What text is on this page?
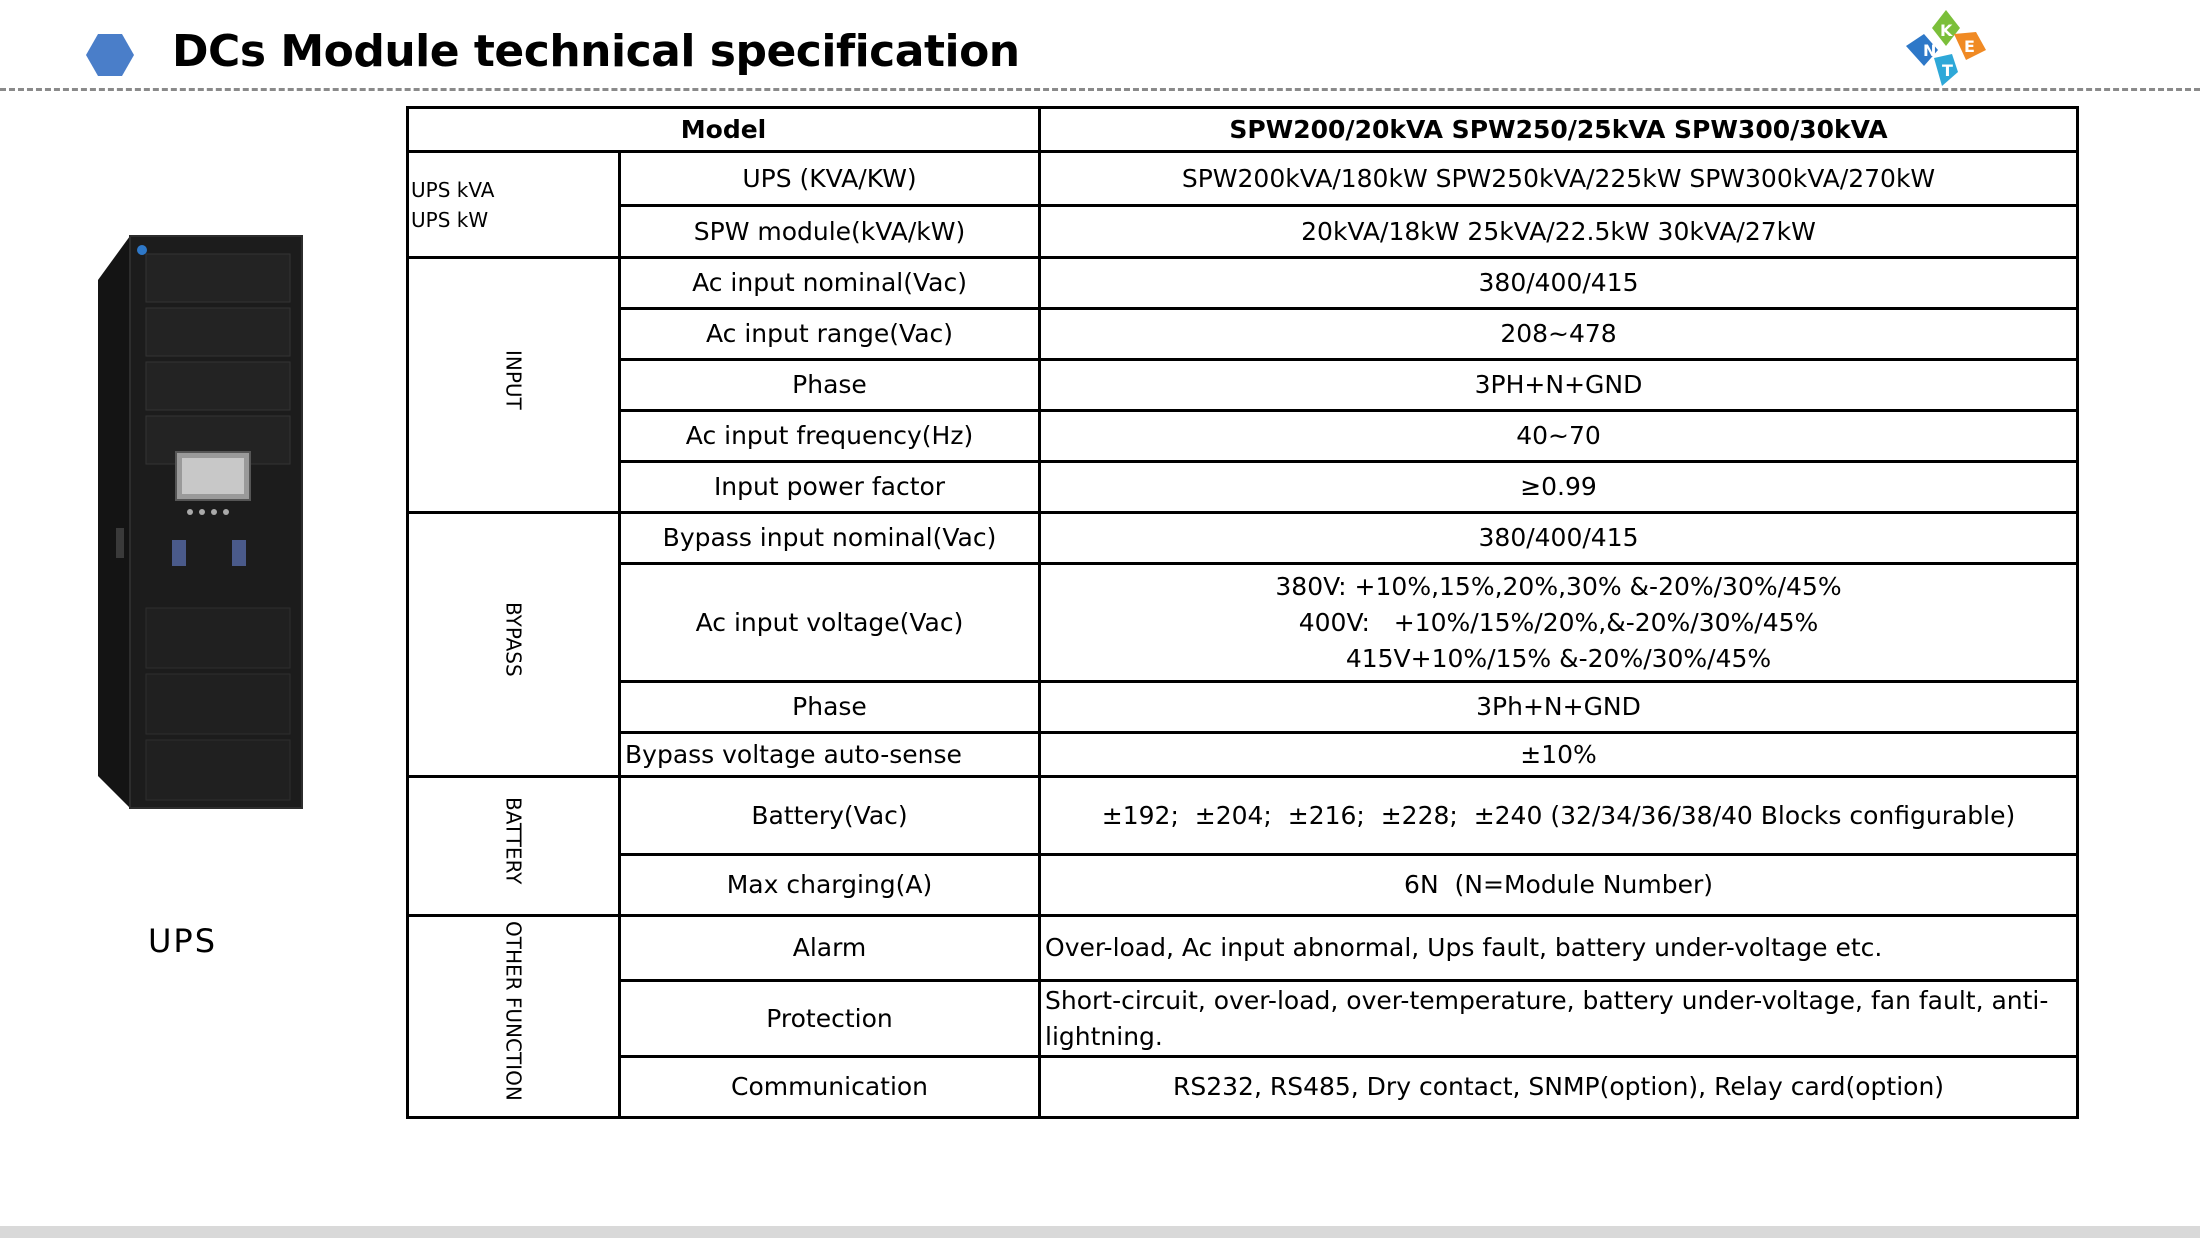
DCs Module technical specification	N
K
E
T
UPS
Model		SPW200/20kVA SPW250/25kVA SPW300/30kVA

UPS kVA
UPS kW	UPS (KVA/KW)	SPW200kVA/180kW SPW250kVA/225kW SPW300kVA/270kW
	SPW module(kVA/kW)	20kVA/18kW 25kVA/22.5kW 30kVA/27kW
INPUT	Ac input nominal(Vac)	380/400/415
	Ac input range(Vac)	208~478
	Phase	3PH+N+GND
	Ac input frequency(Hz)	40~70
	Input power factor	≥0.99
BYPASS	Bypass input nominal(Vac)	380/400/415
	Ac input voltage(Vac)	380V: +10%,15%,20%,30% &-20%/30%/45%
400V:   +10%/15%/20%,&-20%/30%/45%
415V+10%/15% &-20%/30%/45%

	Phase	3Ph+N+GND
	Bypass voltage auto-sense	±10%
BATTERY	Battery(Vac)	±192;  ±204;  ±216;  ±228;  ±240 (32/34/36/38/40 Blocks configurable)
	Max charging(A)	6N  (N=Module Number)
OTHER FUNCTION	Alarm	Over-load, Ac input abnormal, Ups fault, battery under-voltage etc.
	Protection	Short-circuit, over-load, over-temperature, battery under-voltage, fan fault, anti-lightning.
	Communication	RS232, RS485, Dry contact, SNMP(option), Relay card(option)
